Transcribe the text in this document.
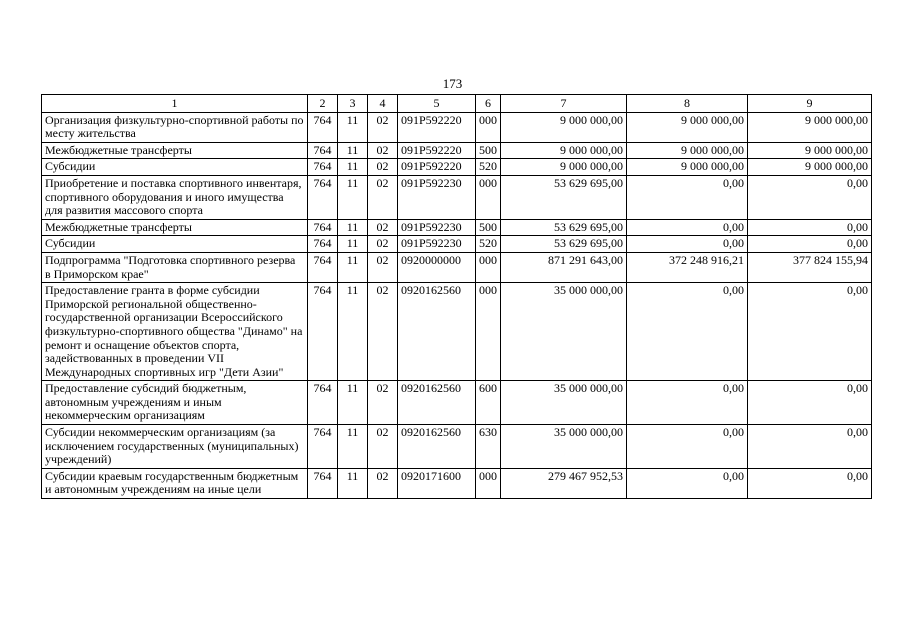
173
1	2	3	4	5	6	7	8	9
Организация физкультурно-спортивной работы по месту жительства	764	11	02	091P592220	000	9 000 000,00	9 000 000,00	9 000 000,00
Межбюджетные трансферты	764	11	02	091P592220	500	9 000 000,00	9 000 000,00	9 000 000,00
Субсидии	764	11	02	091P592220	520	9 000 000,00	9 000 000,00	9 000 000,00
Приобретение и поставка спортивного инвентаря, спортивного оборудования и иного имущества для развития массового спорта	764	11	02	091P592230	000	53 629 695,00	0,00	0,00
Межбюджетные трансферты	764	11	02	091P592230	500	53 629 695,00	0,00	0,00
Субсидии	764	11	02	091P592230	520	53 629 695,00	0,00	0,00
Подпрограмма "Подготовка спортивного резерва в Приморском крае"	764	11	02	0920000000	000	871 291 643,00	372 248 916,21	377 824 155,94
Предоставление гранта в форме субсидии Приморской региональной общественно-государственной организации Всероссийского физкультурно-спортивного общества "Динамо" на ремонт и оснащение объектов спорта, задействованных в проведении VII Международных спортивных игр "Дети Азии"	764	11	02	0920162560	000	35 000 000,00	0,00	0,00
Предоставление субсидий бюджетным, автономным учреждениям и иным некоммерческим организациям	764	11	02	0920162560	600	35 000 000,00	0,00	0,00
Субсидии некоммерческим организациям (за исключением государственных (муниципальных) учреждений)	764	11	02	0920162560	630	35 000 000,00	0,00	0,00
Субсидии краевым государственным бюджетным и автономным учреждениям на иные цели	764	11	02	0920171600	000	279 467 952,53	0,00	0,00
